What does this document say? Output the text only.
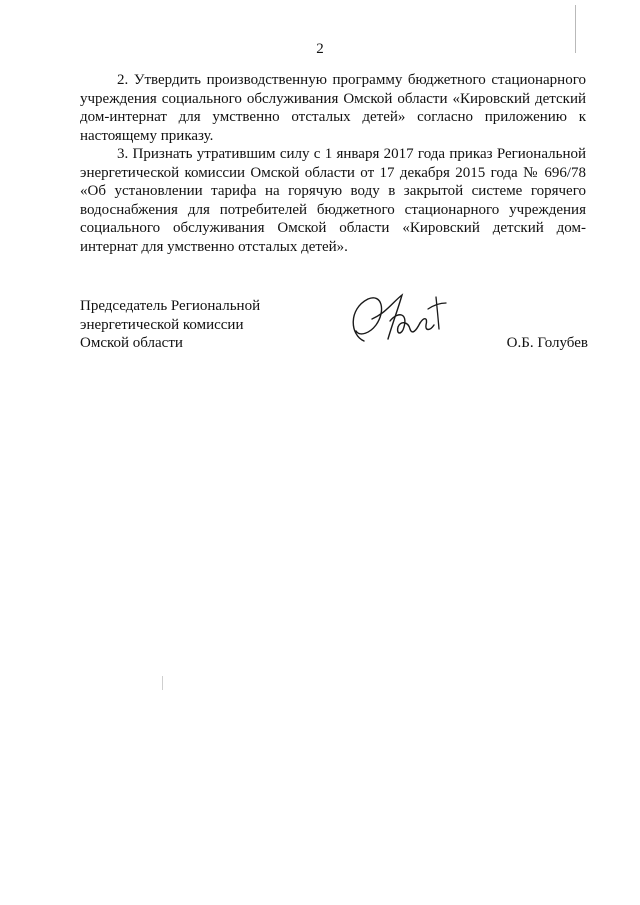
2

2. Утвердить производственную программу бюджетного стационарного учреждения социального обслуживания Омской области «Кировский детский дом-интернат для умственно отсталых детей» согласно приложению к настоящему приказу.

3. Признать утратившим силу с 1 января 2017 года приказ Региональной энергетической комиссии Омской области от 17 декабря 2015 года № 696/78 «Об установлении тарифа на горячую воду в закрытой системе горячего водоснабжения для потребителей бюджетного стационарного учреждения социального обслуживания Омской области «Кировский детский дом-интернат для умственно отсталых детей».

Председатель Региональной
энергетической комиссии
Омской области	О.Б. Голубев
